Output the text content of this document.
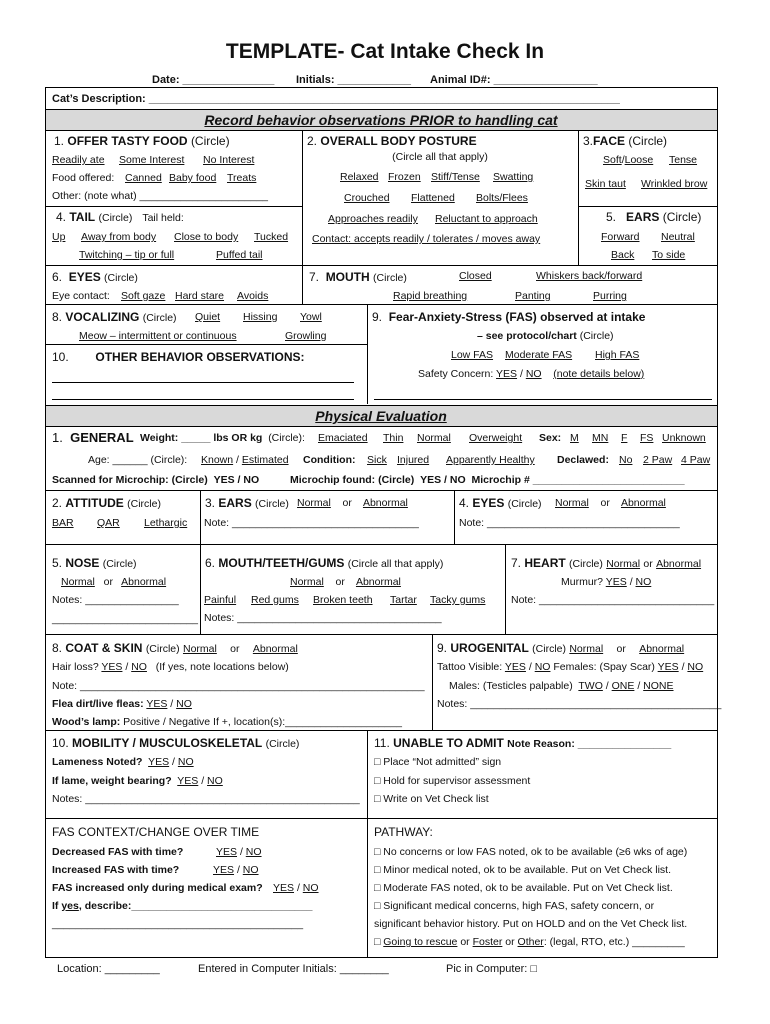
TEMPLATE- Cat Intake Check In
Date: _______________ Initials: ____________ Animal ID#: _________________
Cat’s Description: _____________________________________________________________________________
Record behavior observations PRIOR to handling cat
Physical Evaluation
1. OFFER TASTY FOOD (Circle)
Readily ate Some Interest No Interest
Food offered: Canned Baby food Treats
Other: (note what) ______________________
2. OVERALL BODY POSTURE
(Circle all that apply)
Relaxed Frozen Stiff/Tense Swatting
Crouched Flattened Bolts/Flees
Approaches readily Reluctant to approach
Contact: accepts readily / tolerates / moves away
3.FACE (Circle)
Soft/Loose Tense
Skin taut Wrinkled brow
4. TAIL (Circle) Tail held:
Up Away from body Close to body Tucked
Twitching – tip or full	Puffed tail
5. EARS (Circle)
Forward Neutral
Back To side
6. EYES (Circle)
Eye contact: Soft gaze Hard stare Avoids
7. MOUTH (Circle)	Closed	Whiskers back/forward
Rapid breathing	Panting	Purring
8. VOCALIZING (Circle) Quiet Hissing Yowl
Meow – intermittent or continuous	Growling
9. Fear-Anxiety-Stress (FAS) observed at intake
– see protocol/chart (Circle)
Low FAS Moderate FAS High FAS
Safety Concern: YES / NO (note details below)
10. OTHER BEHAVIOR OBSERVATIONS:
1. GENERAL Weight: _____ lbs OR kg (Circle): Emaciated Thin Normal Overweight Sex: M MN F FS Unknown
Age: ______ (Circle): Known / Estimated Condition: Sick Injured Apparently Healthy Declawed: No 2 Paw 4 Paw
Scanned for Microchip: (Circle) YES / NO	Microchip found: (Circle) YES / NO Microchip # __________________________
2. ATTITUDE (Circle)
BAR QAR Lethargic
3. EARS (Circle) Normal or Abnormal
Note: ________________________________
4. EYES (Circle) Normal or Abnormal
Note: _________________________________
5. NOSE (Circle)
Normal or Abnormal
Notes: ________________
_________________________
6. MOUTH/TEETH/GUMS (Circle all that apply)
Normal or Abnormal
Painful Red gums Broken teeth Tartar Tacky gums
Notes: ___________________________________
7. HEART (Circle) Normal or Abnormal
Murmur? YES / NO
Note: ______________________________
8. COAT & SKIN (Circle) Normal or Abnormal
Hair loss? YES / NO (If yes, note locations below)
Note: ___________________________________________________________
Flea dirt/live fleas: YES / NO
Wood’s lamp: Positive / Negative If +, location(s):____________________
9. UROGENITAL (Circle) Normal or Abnormal
Tattoo Visible: YES / NO Females: (Spay Scar) YES / NO
Males: (Testicles palpable) TWO / ONE / NONE
Notes: ___________________________________________
10. MOBILITY / MUSCULOSKELETAL (Circle)
Lameness Noted? YES / NO
If lame, weight bearing? YES / NO
Notes: _______________________________________________
11. UNABLE TO ADMIT Note Reason: ________________
□ Place “Not admitted” sign
□ Hold for supervisor assessment
□ Write on Vet Check list
FAS CONTEXT/CHANGE OVER TIME
Decreased FAS with time?	YES / NO
Increased FAS with time?	YES / NO
FAS increased only during medical exam? YES / NO
If yes, describe:_______________________________
___________________________________________
PATHWAY:
□ No concerns or low FAS noted, ok to be available (≥6 wks of age)
□ Minor medical noted, ok to be available. Put on Vet Check list.
□ Moderate FAS noted, ok to be available. Put on Vet Check list.
□ Significant medical concerns, high FAS, safety concern, or
significant behavior history. Put on HOLD and on the Vet Check list.
□ Going to rescue or Foster or Other: (legal, RTO, etc.) _________
Location: _________	Entered in Computer Initials: ________	Pic in Computer: □
